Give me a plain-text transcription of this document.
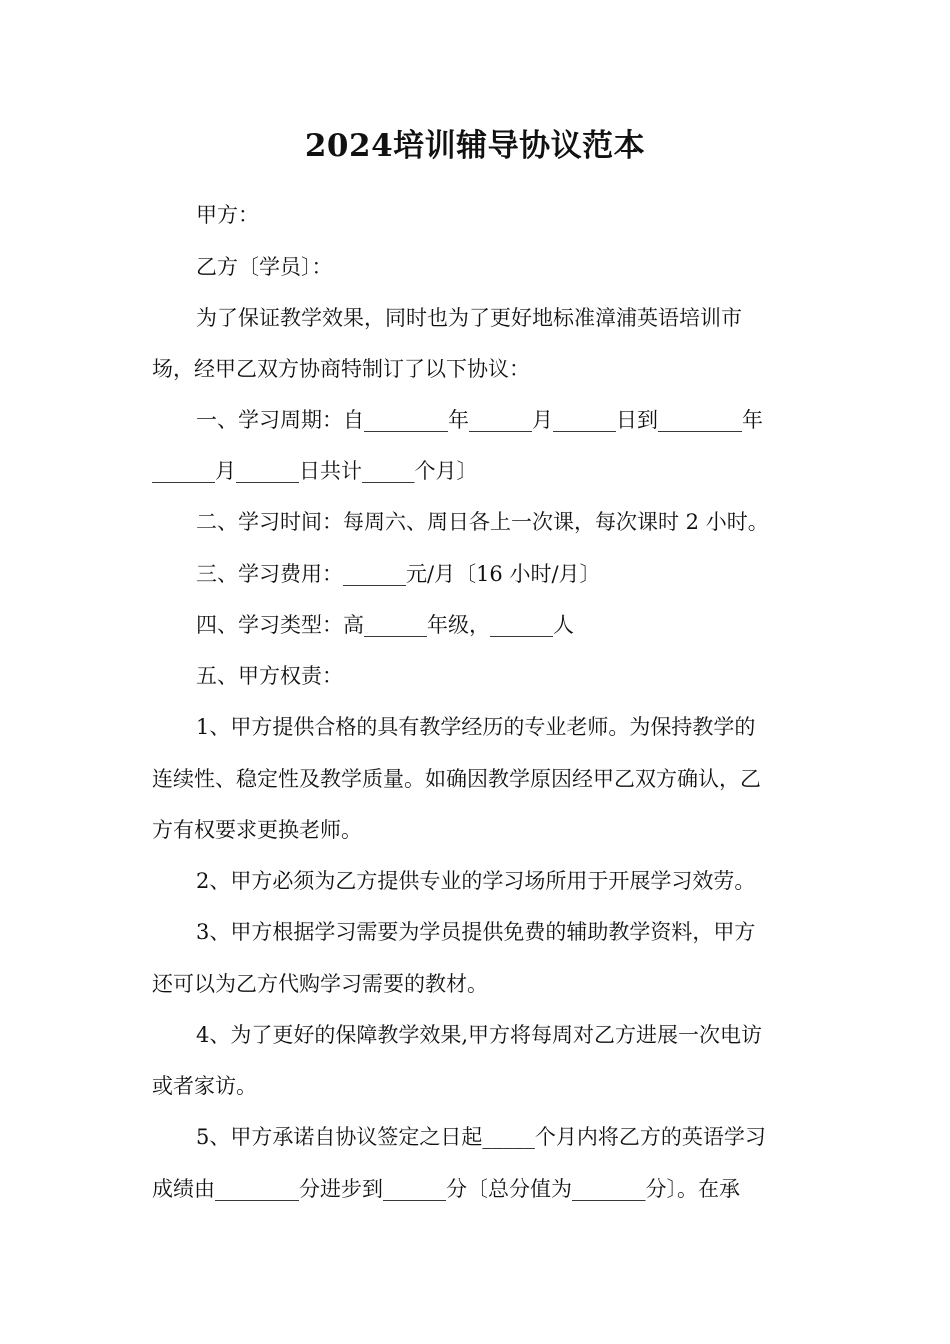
2024培训辅导协议范本
甲方：
乙方〔学员〕：
为了保证教学效果，同时也为了更好地标准漳浦英语培训市
场，经甲乙双方协商特制订了以下协议：
一、学习周期：自________年______月______日到________年
______月______日共计_____个月〕
二、学习时间：每周六、周日各上一次课，每次课时 2 小时。
三、学习费用：______元/月〔16 小时/月〕
四、学习类型：高______年级，______人
五、甲方权责：
1、甲方提供合格的具有教学经历的专业老师。为保持教学的
连续性、稳定性及教学质量。如确因教学原因经甲乙双方确认，乙
方有权要求更换老师。
2、甲方必须为乙方提供专业的学习场所用于开展学习效劳。
3、甲方根据学习需要为学员提供免费的辅助教学资料，甲方
还可以为乙方代购学习需要的教材。
4、为了更好的保障教学效果,甲方将每周对乙方进展一次电访
或者家访。
5、甲方承诺自协议签定之日起_____个月内将乙方的英语学习
成绩由________分进步到______分〔总分值为_______分〕。在承
